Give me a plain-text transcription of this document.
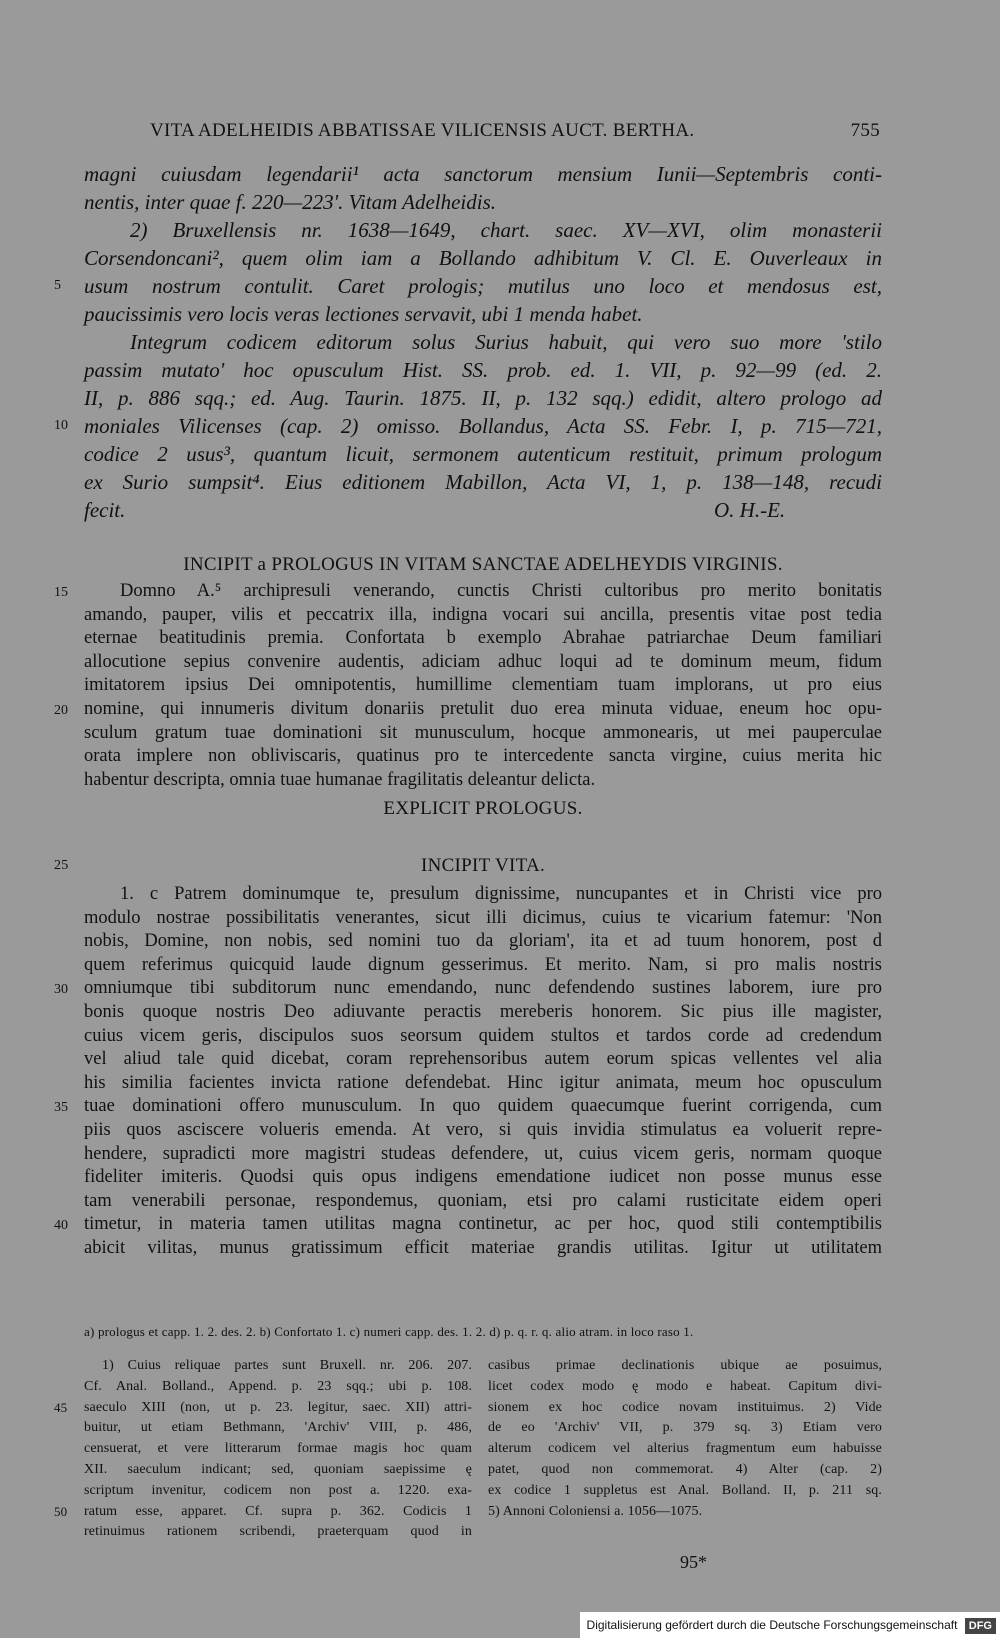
VITA ADELHEIDIS ABBATISSAE VILICENSIS AUCT. BERTHA.	755
magni cuiusdam legendarii¹ acta sanctorum mensium Iunii—Septembris conti-
nentis, inter quae f. 220—223'. Vitam Adelheidis.
2) Bruxellensis nr. 1638—1649, chart. saec. XV—XVI, olim monasterii
Corsendoncani², quem olim iam a Bollando adhibitum V. Cl. E. Ouverleaux in
5 usum nostrum contulit. Caret prologis; mutilus uno loco et mendosus est,
paucissimis vero locis veras lectiones servavit, ubi 1 menda habet.
Integrum codicem editorum solus Surius habuit, qui vero suo more 'stilo
passim mutato' hoc opusculum Hist. SS. prob. ed. 1. VII, p. 92—99 (ed. 2.
II, p. 886 sqq.; ed. Aug. Taurin. 1875. II, p. 132 sqq.) edidit, altero prologo ad
10 moniales Vilicenses (cap. 2) omisso. Bollandus, Acta SS. Febr. I, p. 715—721,
codice 2 usus³, quantum licuit, sermonem autenticum restituit, primum prologum
ex Surio sumpsit⁴. Eius editionem Mabillon, Acta VI, 1, p. 138—148, recudi
fecit.	O. H.-E.
INCIPIT a PROLOGUS IN VITAM SANCTAE ADELHEYDIS VIRGINIS.
15	Domno A.⁵ archipresuli venerando, cunctis Christi cultoribus pro merito bonitatis
amando, pauper, vilis et peccatrix illa, indigna vocari sui ancilla, presentis vitae post tedia
eternae beatitudinis premia. Confortata b exemplo Abrahae patriarchae Deum familiari
allocutione sepius convenire audentis, adiciam adhuc loqui ad te dominum meum, fidum
imitatorem ipsius Dei omnipotentis, humillime clementiam tuam implorans, ut pro eius
20 nomine, qui innumeris divitum donariis pretulit duo erea minuta viduae, eneum hoc opu-
sculum gratum tuae dominationi sit munusculum, hocque ammonearis, ut mei pauperculae
orata implere non obliviscaris, quatinus pro te intercedente sancta virgine, cuius merita hic
habentur descripta, omnia tuae humanae fragilitatis deleantur delicta.
EXPLICIT PROLOGUS.
25	INCIPIT VITA.
1. c Patrem dominumque te, presulum dignissime, nuncupantes et in Christi vice pro
modulo nostrae possibilitatis venerantes, sicut illi dicimus, cuius te vicarium fatemur: 'Non
nobis, Domine, non nobis, sed nomini tuo da gloriam', ita et ad tuum honorem, post d
quem referimus quicquid laude dignum gesserimus. Et merito. Nam, si pro malis nostris
30 omniumque tibi subditorum nunc emendando, nunc defendendo sustines laborem, iure pro
bonis quoque nostris Deo adiuvante peractis mereberis honorem. Sic pius ille magister,
cuius vicem geris, discipulos suos seorsum quidem stultos et tardos corde ad credendum
vel aliud tale quid dicebat, coram reprehensoribus autem eorum spicas vellentes vel alia
his similia facientes invicta ratione defendebat. Hinc igitur animata, meum hoc opusculum
35 tuae dominationi offero munusculum. In quo quidem quaecumque fuerint corrigenda, cum
piis quos asciscere volueris emenda. At vero, si quis invidia stimulatus ea voluerit repre-
hendere, supradicti more magistri studeas defendere, ut, cuius vicem geris, normam quoque
fideliter imiteris. Quodsi quis opus indigens emendatione iudicet non posse munus esse
tam venerabili personae, respondemus, quoniam, etsi pro calami rusticitate eidem operi
40 timetur, in materia tamen utilitas magna continetur, ac per hoc, quod stili contemptibilis
abicit vilitas, munus gratissimum efficit materiae grandis utilitas. Igitur ut utilitatem
a) prologus et capp. 1. 2. des. 2. b) Confortato 1. c) numeri capp. des. 1. 2. d) p. q. r. q. alio atram. in loco raso 1.
1) Cuius reliquae partes sunt Bruxell. nr. 206. 207.
Cf. Anal. Bolland., Append. p. 23 sqq.; ubi p. 108.
45 saeculo XIII (non, ut p. 23. legitur, saec. XII) attri-
buitur, ut etiam Bethmann, 'Archiv' VIII, p. 486,
censuerat, et vere litterarum formae magis hoc quam
XII. saeculum indicant; sed, quoniam saepissime ę
scriptum invenitur, codicem non post a. 1220. exa-
50 ratum esse, apparet. Cf. supra p. 362. Codicis 1
retinuimus rationem scribendi, praeterquam quod in
casibus primae declinationis ubique ae posuimus,
licet codex modo ę modo e habeat. Capitum divi-
sionem ex hoc codice novam instituimus. 2) Vide
de eo 'Archiv' VII, p. 379 sq. 3) Etiam vero
alterum codicem vel alterius fragmentum eum habuisse
patet, quod non commemorat. 4) Alter (cap. 2)
ex codice 1 suppletus est Anal. Bolland. II, p. 211 sq.
5) Annoni Coloniensi a. 1056—1075.
95*
Digitalisierung gefördert durch die Deutsche Forschungsgemeinschaft DFG
